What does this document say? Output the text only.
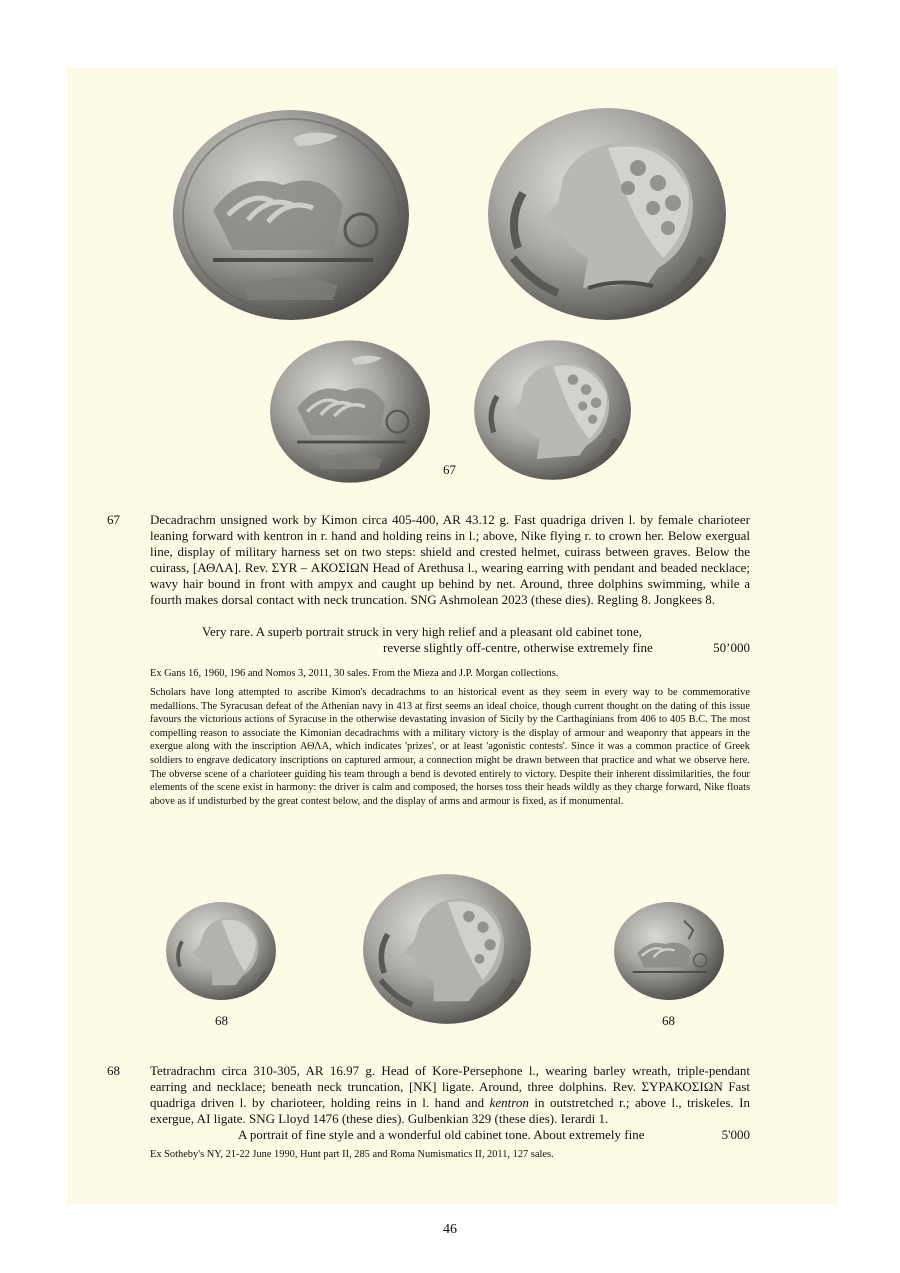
67
67 Decadrachm unsigned work by Kimon circa 405-400, AR 43.12 g. Fast quadriga driven l. by female charioteer leaning forward with kentron in r. hand and holding reins in l.; above, Nike flying r. to crown her. Below exergual line, display of military harness set on two steps: shield and crested helmet, cuirass between graves. Below the cuirass, [ΑΘΛΑ]. Rev. ΣΥR – ΑΚΟΣΙΩΝ Head of Arethusa l., wearing earring with pendant and beaded necklace; wavy hair bound in front with ampyx and caught up behind by net. Around, three dolphins swimming, while a fourth makes dorsal contact with neck truncation. SNG Ashmolean 2023 (these dies). Regling 8. Jongkees 8.

Very rare. A superb portrait struck in very high relief and a pleasant old cabinet tone,
reverse slightly off-centre, otherwise extremely fine	50’000
Ex Gans 16, 1960, 196 and Nomos 3, 2011, 30 sales. From the Mieza and J.P. Morgan collections.
Scholars have long attempted to ascribe Kimon's decadrachms to an historical event as they seem in every way to be commemorative medallions. The Syracusan defeat of the Athenian navy in 413 at first seems an ideal choice, though current thought on the dating of this issue favours the victorious actions of Syracuse in the otherwise devastating invasion of Sicily by the Carthaginians from 406 to 405 B.C. The most compelling reason to associate the Kimonian decadrachms with a military victory is the display of armour and weaponry that appears in the exergue along with the inscription ΑΘΛΑ, which indicates 'prizes', or at least 'agonistic contests'. Since it was a common practice of Greek soldiers to engrave dedicatory inscriptions on captured armour, a connection might be drawn between that practice and what we observe here. The obverse scene of a charioteer guiding his team through a bend is devoted entirely to victory. Despite their inherent dissimilarities, the four elements of the scene exist in harmony: the driver is calm and composed, the horses toss their heads wildly as they charge forward, Nike floats above as if undisturbed by the great contest below, and the display of arms and armour is fixed, as if monumental.
68	68
68 Tetradrachm circa 310-305, AR 16.97 g. Head of Kore-Persephone l., wearing barley wreath, triple-pendant earring and necklace; beneath neck truncation, [NK] ligate. Around, three dolphins. Rev. ΣΥΡΑΚΟΣΙΩΝ Fast quadriga driven l. by charioteer, holding reins in l. hand and kentron in outstretched r.; above l., triskeles. In exergue, AI ligate. SNG Lloyd 1476 (these dies). Gulbenkian 329 (these dies). Ierardi 1.

A portrait of fine style and a wonderful old cabinet tone. About extremely fine	5'000
Ex Sotheby's NY, 21-22 June 1990, Hunt part II, 285 and Roma Numismatics II, 2011, 127 sales.
46
